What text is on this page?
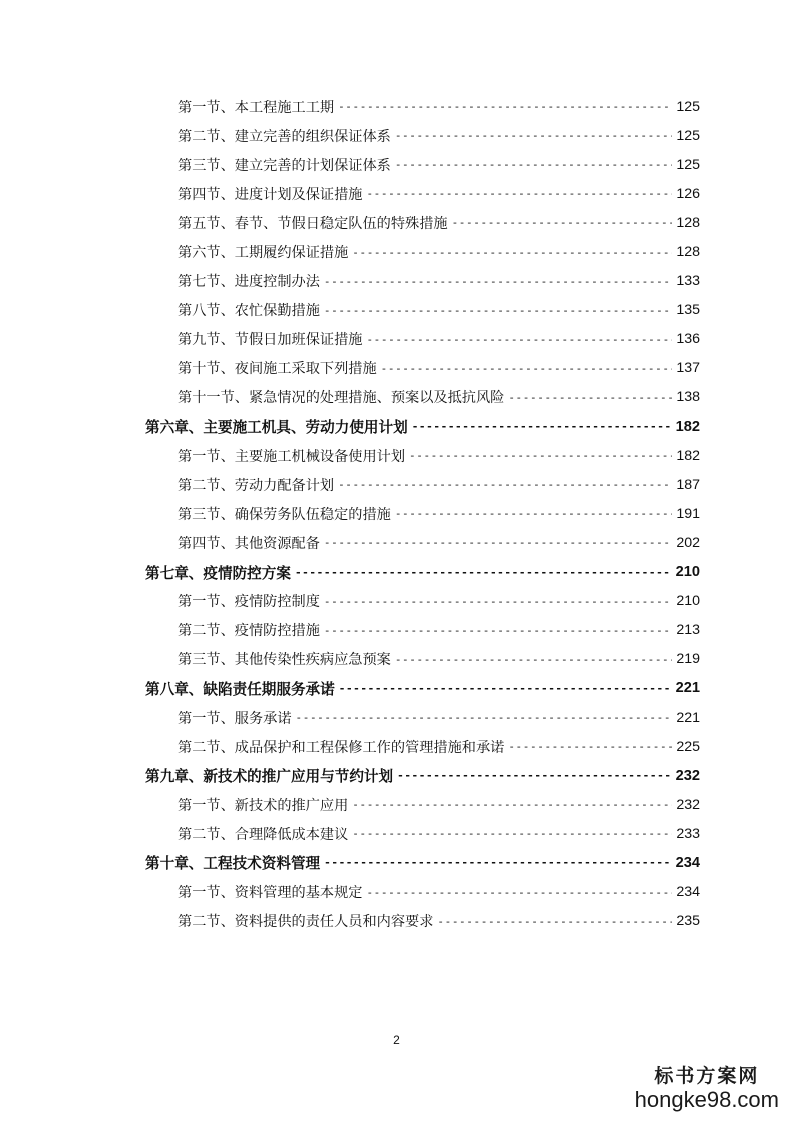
第一节、本工程施工工期 -----	125
第二节、建立完善的组织保证体系 -----	125
第三节、建立完善的计划保证体系 -----	125
第四节、进度计划及保证措施 -----	126
第五节、春节、节假日稳定队伍的特殊措施 -----	128
第六节、工期履约保证措施 -----	128
第七节、进度控制办法 -----	133
第八节、农忙保勤措施 -----	135
第九节、节假日加班保证措施 -----	136
第十节、夜间施工采取下列措施 -----	137
第十一节、紧急情况的处理措施、预案以及抵抗风险 -----	138
第六章、主要施工机具、劳动力使用计划 -----	182
第一节、主要施工机械设备使用计划 -----	182
第二节、劳动力配备计划 -----	187
第三节、确保劳务队伍稳定的措施 -----	191
第四节、其他资源配备 -----	202
第七章、疫情防控方案 -----	210
第一节、疫情防控制度 -----	210
第二节、疫情防控措施 -----	213
第三节、其他传染性疾病应急预案 -----	219
第八章、缺陷责任期服务承诺 -----	221
第一节、服务承诺 -----	221
第二节、成品保护和工程保修工作的管理措施和承诺 -----	225
第九章、新技术的推广应用与节约计划 -----	232
第一节、新技术的推广应用 -----	232
第二节、合理降低成本建议 -----	233
第十章、工程技术资料管理 -----	234
第一节、资料管理的基本规定 -----	234
第二节、资料提供的责任人员和内容要求 -----	235
2
标书方案网
hongke98.com
